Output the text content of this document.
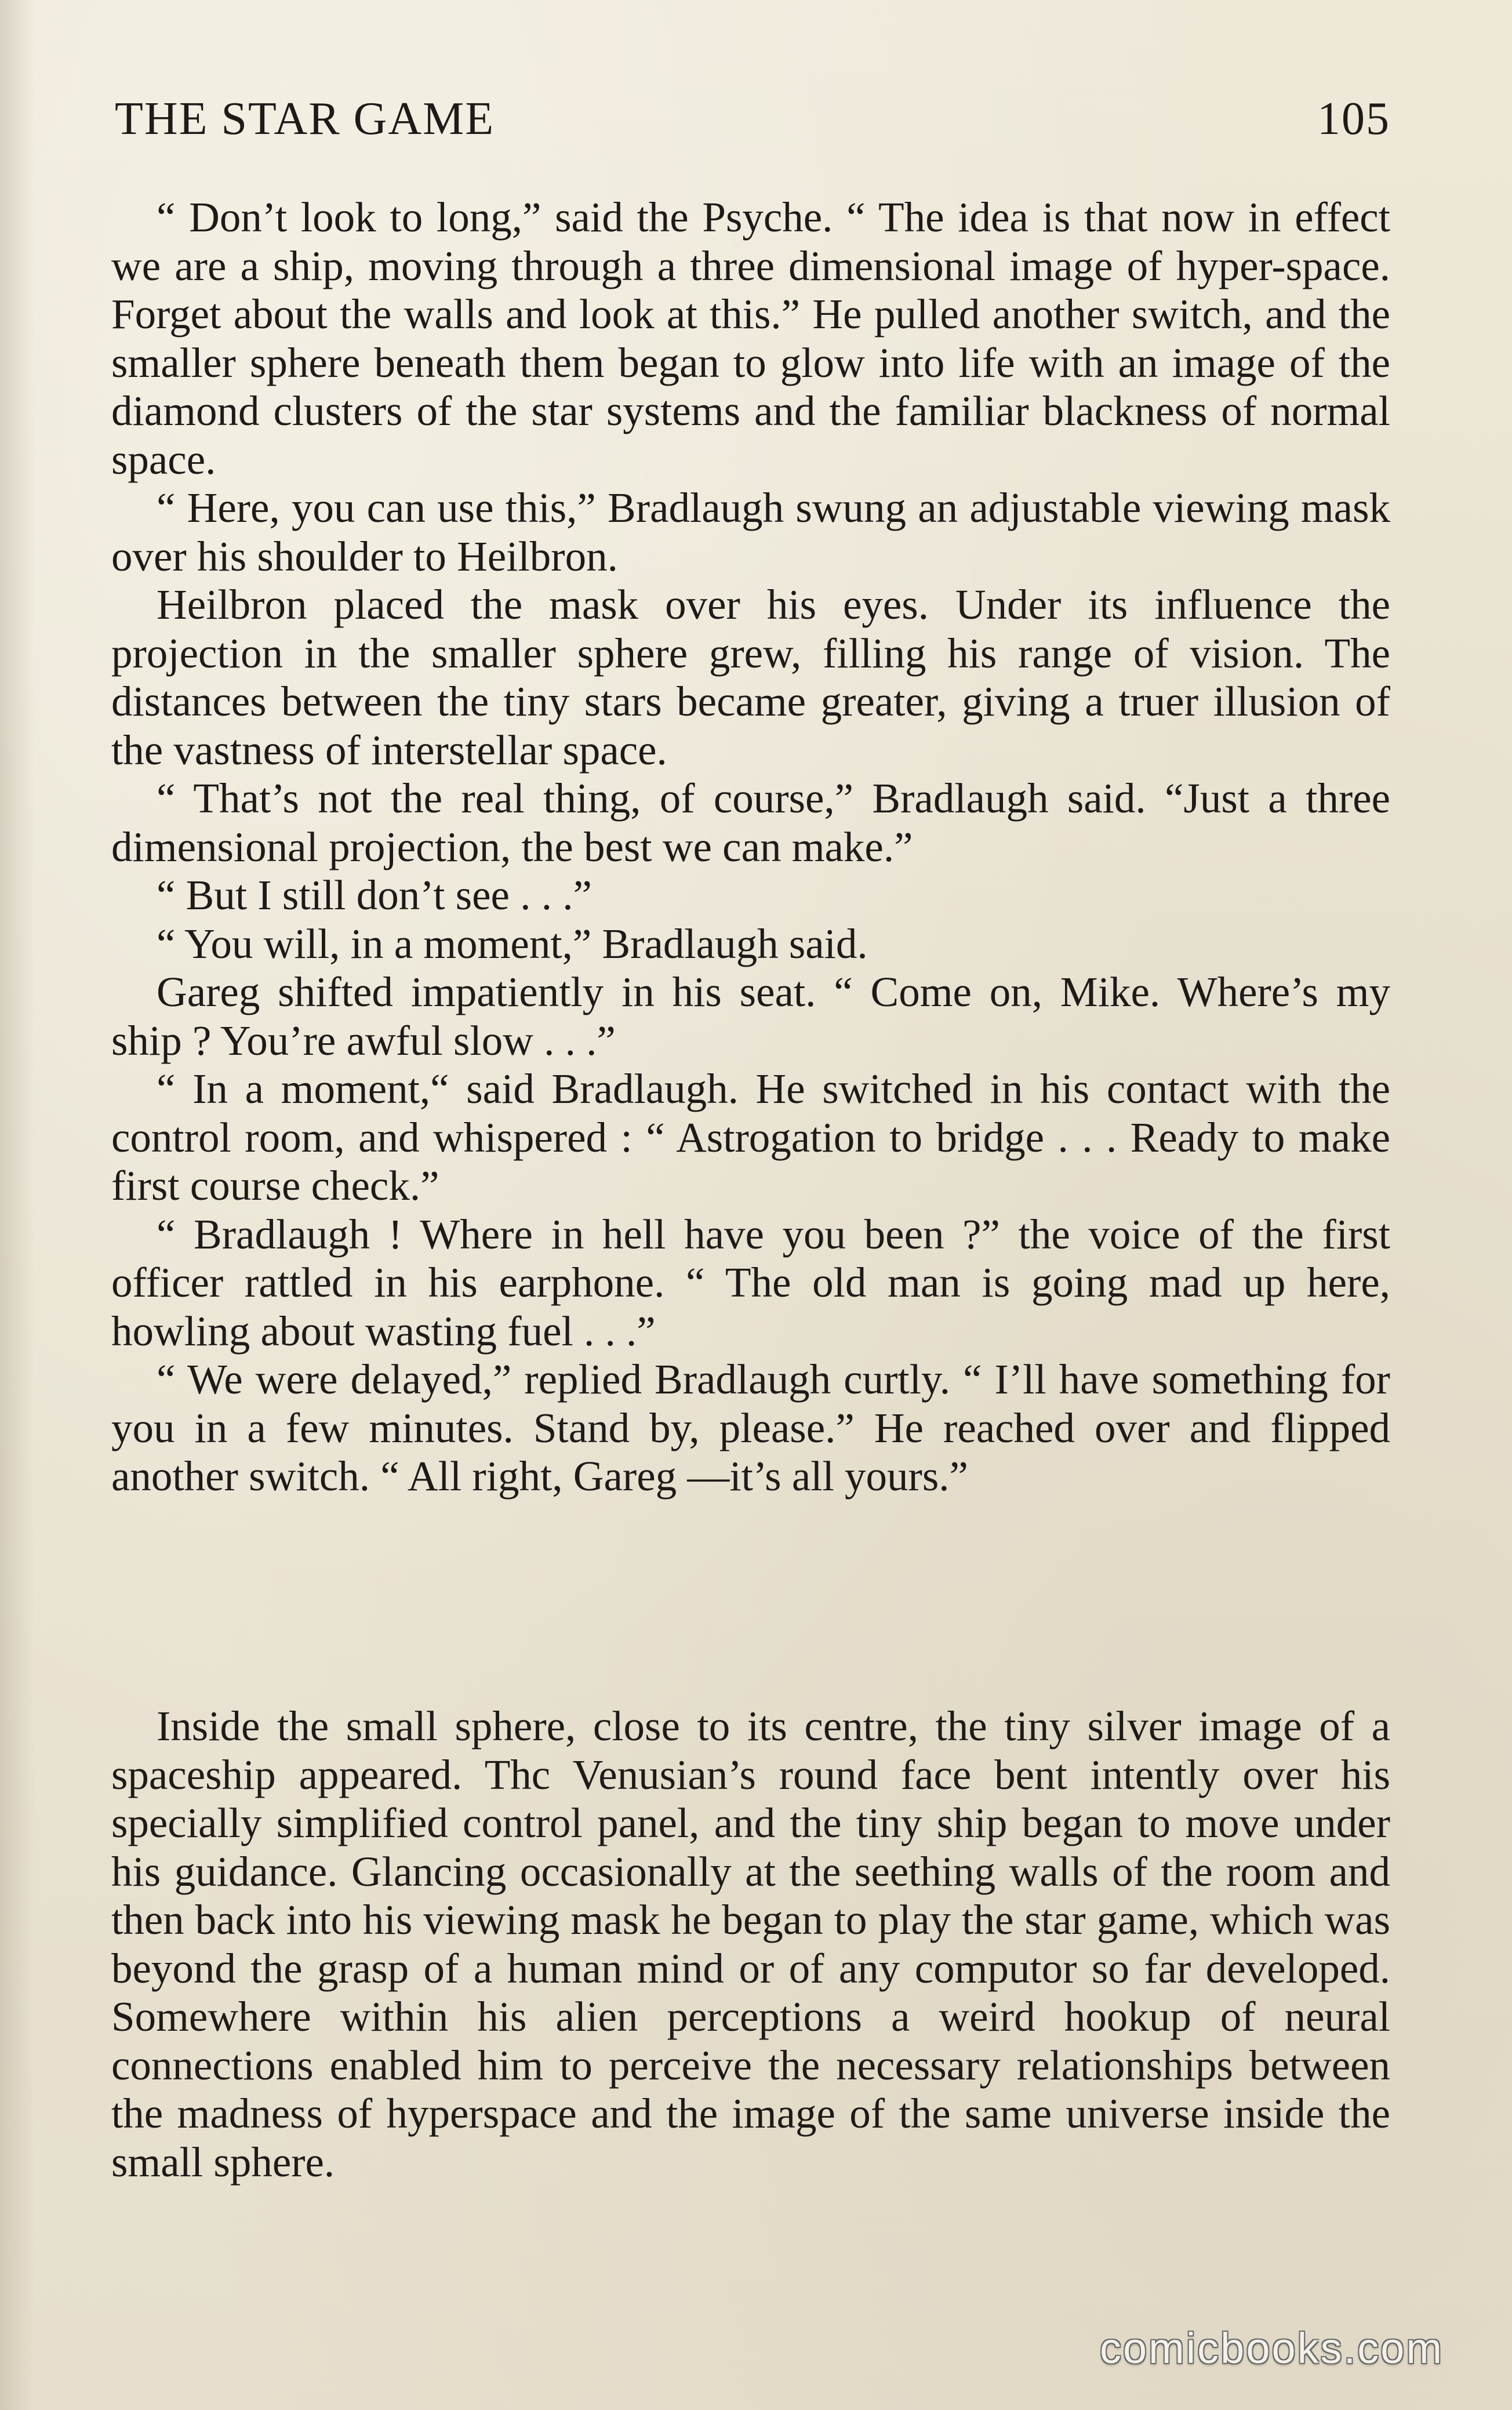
THE STAR GAME	105

“ Don’t look to long,” said the Psyche. “ The idea is that now in effect we are a ship, moving through a three dimensional image of hyper-space. Forget about the walls and look at this.” He pulled another switch, and the smaller sphere beneath them began to glow into life with an image of the diamond clusters of the star systems and the familiar blackness of normal space.

“ Here, you can use this,” Bradlaugh swung an adjustable viewing mask over his shoulder to Heilbron.

Heilbron placed the mask over his eyes. Under its influence the projection in the smaller sphere grew, filling his range of vision. The distances between the tiny stars became greater, giving a truer illusion of the vastness of interstellar space.

“ That’s not the real thing, of course,” Bradlaugh said. “Just a three dimensional projection, the best we can make.”

“ But I still don’t see . . .”

“ You will, in a moment,” Bradlaugh said.

Gareg shifted impatiently in his seat. “ Come on, Mike. Where’s my ship ? You’re awful slow . . .”

“ In a moment,“ said Bradlaugh. He switched in his contact with the control room, and whispered : “ Astrogation to bridge . . . Ready to make first course check.”

“ Bradlaugh ! Where in hell have you been ?” the voice of the first officer rattled in his earphone. “ The old man is going mad up here, howling about wasting fuel . . .”

“ We were delayed,” replied Bradlaugh curtly. “ I’ll have something for you in a few minutes. Stand by, please.” He reached over and flipped another switch. “ All right, Gareg —it’s all yours.”

Inside the small sphere, close to its centre, the tiny silver image of a spaceship appeared. Thc Venusian’s round face bent intently over his specially simplified control panel, and the tiny ship began to move under his guidance. Glancing occasionally at the seething walls of the room and then back into his viewing mask he began to play the star game, which was beyond the grasp of a human mind or of any computor so far developed. Somewhere within his alien perceptions a weird hookup of neural connections enabled him to perceive the necessary relationships between the madness of hyperspace and the image of the same universe inside the small sphere.

comicbooks.com
